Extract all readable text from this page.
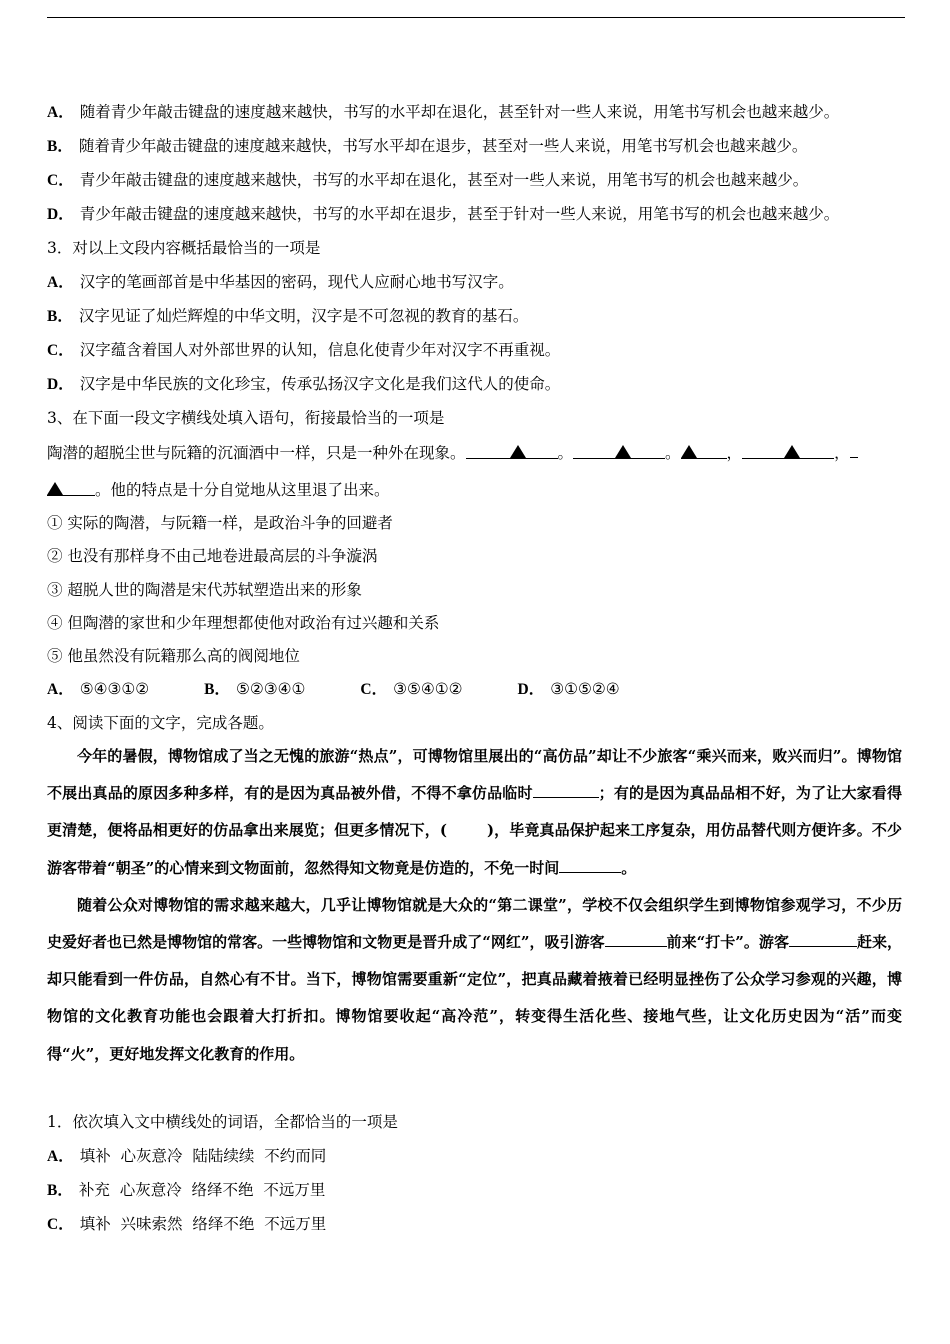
A． 随着青少年敲击键盘的速度越来越快，书写的水平却在退化，甚至针对一些人来说，用笔书写机会也越来越少。
B． 随着青少年敲击键盘的速度越来越快，书写水平却在退步，甚至对一些人来说，用笔书写机会也越来越少。
C． 青少年敲击键盘的速度越来越快，书写的水平却在退化，甚至对一些人来说，用笔书写的机会也越来越少。
D． 青少年敲击键盘的速度越来越快，书写的水平却在退步，甚至于针对一些人来说，用笔书写的机会也越来越少。
3．对以上文段内容概括最恰当的一项是
A． 汉字的笔画部首是中华基因的密码，现代人应耐心地书写汉字。
B． 汉字见证了灿烂辉煌的中华文明，汉字是不可忽视的教育的基石。
C． 汉字蕴含着国人对外部世界的认知，信息化使青少年对汉字不再重视。
D． 汉字是中华民族的文化珍宝，传承弘扬汉字文化是我们这代人的使命。
3、在下面一段文字横线处填入语句，衔接最恰当的一项是
陶潜的超脱尘世与阮籍的沉湎酒中一样，只是一种外在现象。	。	。	，	，
。他的特点是十分自觉地从这里退了出来。
① 实际的陶潜，与阮籍一样，是政治斗争的回避者
② 也没有那样身不由己地卷进最高层的斗争漩涡
③ 超脱人世的陶潜是宋代苏轼塑造出来的形象
④ 但陶潜的家世和少年理想都使他对政治有过兴趣和关系
⑤ 他虽然没有阮籍那么高的阀阅地位
A． ⑤④③①②	B． ⑤②③④①	C． ③⑤④①②	D． ③①⑤②④
4、阅读下面的文字，完成各题。

今年的暑假，博物馆成了当之无愧的旅游“热点”，可博物馆里展出的“高仿品”却让不少旅客“乘兴而来，败兴而归”。博物馆不展出真品的原因多种多样，有的是因为真品被外借，不得不拿仿品临时	；有的是因为真品品相不好，为了让大家看得更清楚，便将品相更好的仿品拿出来展览；但更多情况下，(	)，毕竟真品保护起来工序复杂，用仿品替代则方便许多。不少游客带着“朝圣”的心情来到文物面前，忽然得知文物竟是仿造的，不免一时间	。

随着公众对博物馆的需求越来越大，几乎让博物馆就是大众的“第二课堂”，学校不仅会组织学生到博物馆参观学习，不少历史爱好者也已然是博物馆的常客。一些博物馆和文物更是晋升成了“网红”，吸引游客	前来“打卡”。游客	赶来，却只能看到一件仿品，自然心有不甘。当下，博物馆需要重新“定位”，把真品藏着掖着已经明显挫伤了公众学习参观的兴趣，博物馆的文化教育功能也会跟着大打折扣。博物馆要收起“高冷范”，转变得生活化些、接地气些，让文化历史因为“活”而变得“火”，更好地发挥文化教育的作用。

1．依次填入文中横线处的词语，全都恰当的一项是
A． 填补  心灰意冷  陆陆续续  不约而同
B． 补充  心灰意冷  络绎不绝  不远万里
C． 填补  兴味索然  络绎不绝  不远万里
